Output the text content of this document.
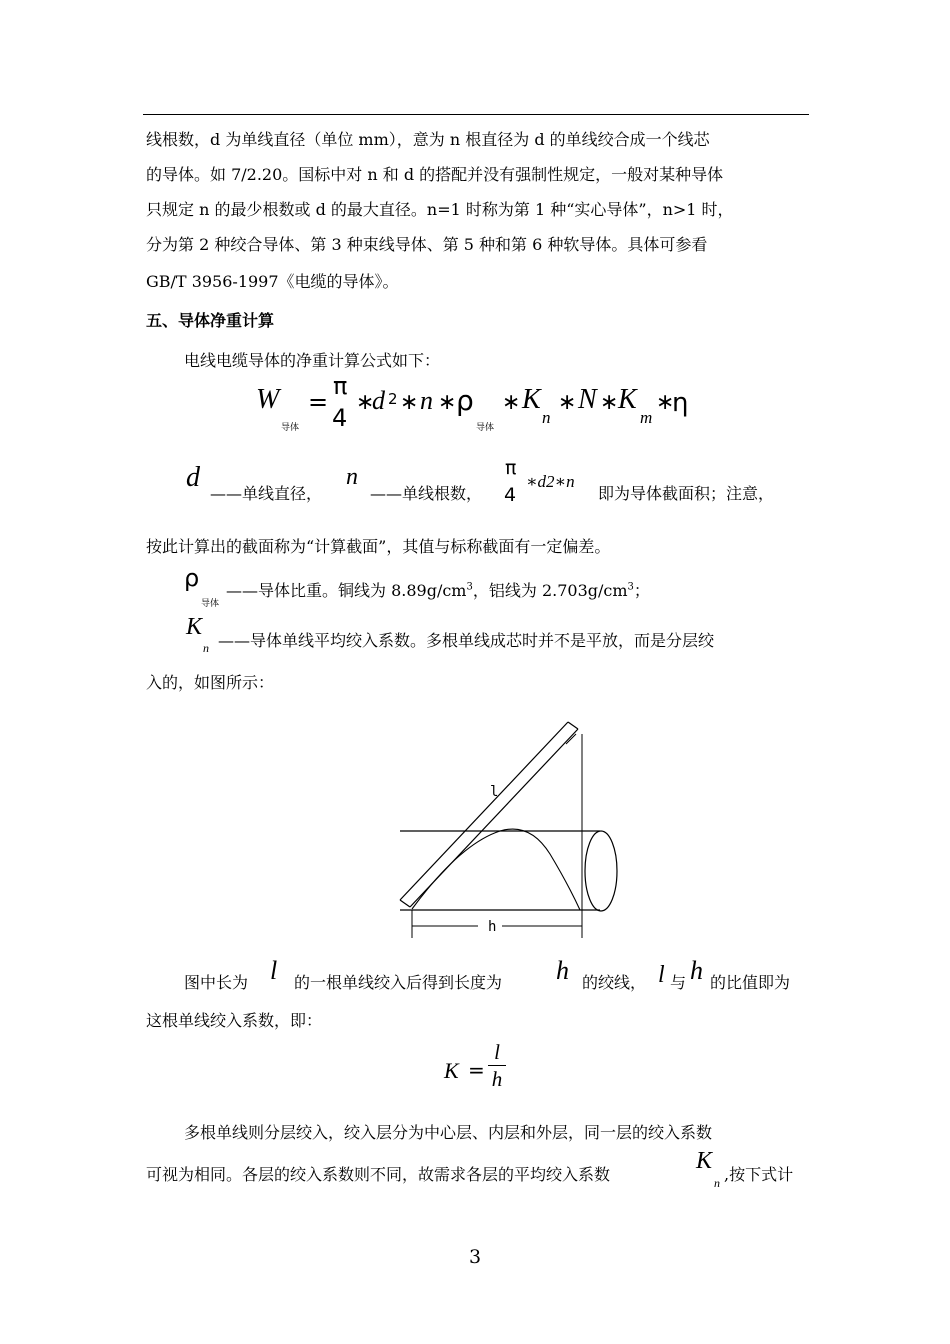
线根数，d 为单线直径（单位 mm），意为 n 根直径为 d 的单线绞合成一个线芯
的导体。如 7/2.20。国标中对 n 和 d 的搭配并没有强制性规定，一般对某种导体
只规定 n 的最少根数或 d 的最大直径。n=1 时称为第 1 种“实心导体”，n>1 时，
分为第 2 种绞合导体、第 3 种束线导体、第 5 种和第 6 种软导体。具体可参看
GB/T 3956-1997《电缆的导体》。
五、导体净重计算
电线电缆导体的净重计算公式如下：
W
导体
=
π
4
∗
d 2 ∗ n ∗ ρ
导体
∗ K
n
∗ N ∗ K
m
∗
η
d
——单线直径，
n
——单线根数，
π
4
∗d2∗n
即为导体截面积；注意，
按此计算出的截面称为“计算截面”，其值与标称截面有一定偏差。
ρ
导体
——导体比重。铜线为 $8.89g/cm^3$，铝线为 $2.703g/cm^3$；
K
n ——导体单线平均绞入系数。多根单线成芯时并不是平放，而是分层绞
入的，如图所示：
h
l
图中长为 l 的一根单线绞入后得到长度为 h 的绞线， l 与 h 的比值即为
这根单线绞入系数，即：
K =
l
h
多根单线则分层绞入，绞入层分为中心层、内层和外层，同一层的绞入系数
可视为相同。各层的绞入系数则不同，故需求各层的平均绞入系数
K
n ,按下式计
3
